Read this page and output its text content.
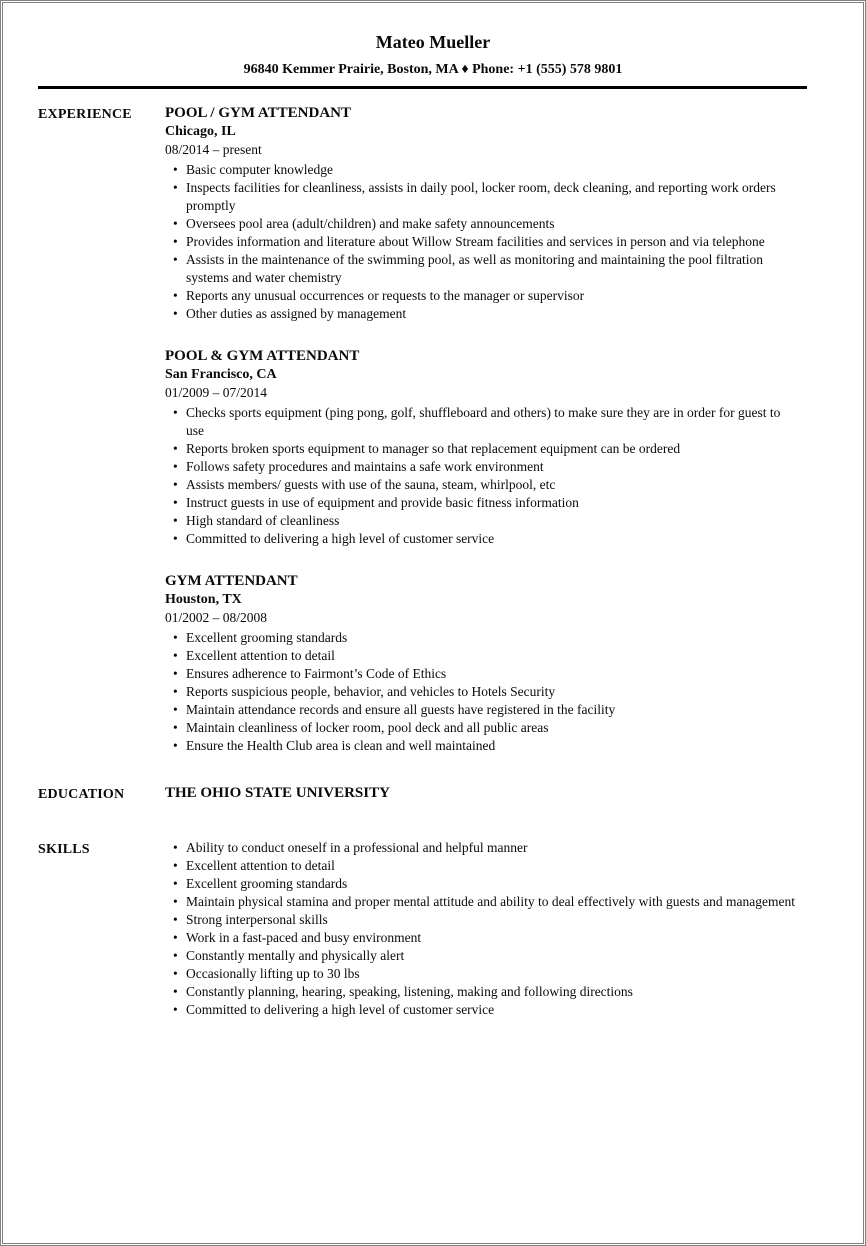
Mateo Mueller
96840 Kemmer Prairie, Boston, MA ♦ Phone: +1 (555) 578 9801
EXPERIENCE	POOL / GYM ATTENDANT
Chicago, IL
08/2014 – present
• Basic computer knowledge
• Inspects facilities for cleanliness, assists in daily pool, locker room, deck cleaning, and reporting work orders promptly
• Oversees pool area (adult/children) and make safety announcements
• Provides information and literature about Willow Stream facilities and services in person and via telephone
• Assists in the maintenance of the swimming pool, as well as monitoring and maintaining the pool filtration systems and water chemistry
• Reports any unusual occurrences or requests to the manager or supervisor
• Other duties as assigned by management
POOL & GYM ATTENDANT
San Francisco, CA
01/2009 – 07/2014
• Checks sports equipment (ping pong, golf, shuffleboard and others) to make sure they are in order for guest to use
• Reports broken sports equipment to manager so that replacement equipment can be ordered
• Follows safety procedures and maintains a safe work environment
• Assists members/ guests with use of the sauna, steam, whirlpool, etc
• Instruct guests in use of equipment and provide basic fitness information
• High standard of cleanliness
• Committed to delivering a high level of customer service
GYM ATTENDANT
Houston, TX
01/2002 – 08/2008
• Excellent grooming standards
• Excellent attention to detail
• Ensures adherence to Fairmont’s Code of Ethics
• Reports suspicious people, behavior, and vehicles to Hotels Security
• Maintain attendance records and ensure all guests have registered in the facility
• Maintain cleanliness of locker room, pool deck and all public areas
• Ensure the Health Club area is clean and well maintained
EDUCATION	THE OHIO STATE UNIVERSITY
SKILLS	• Ability to conduct oneself in a professional and helpful manner
• Excellent attention to detail
• Excellent grooming standards
• Maintain physical stamina and proper mental attitude and ability to deal effectively with guests and management
• Strong interpersonal skills
• Work in a fast-paced and busy environment
• Constantly mentally and physically alert
• Occasionally lifting up to 30 lbs
• Constantly planning, hearing, speaking, listening, making and following directions
• Committed to delivering a high level of customer service
